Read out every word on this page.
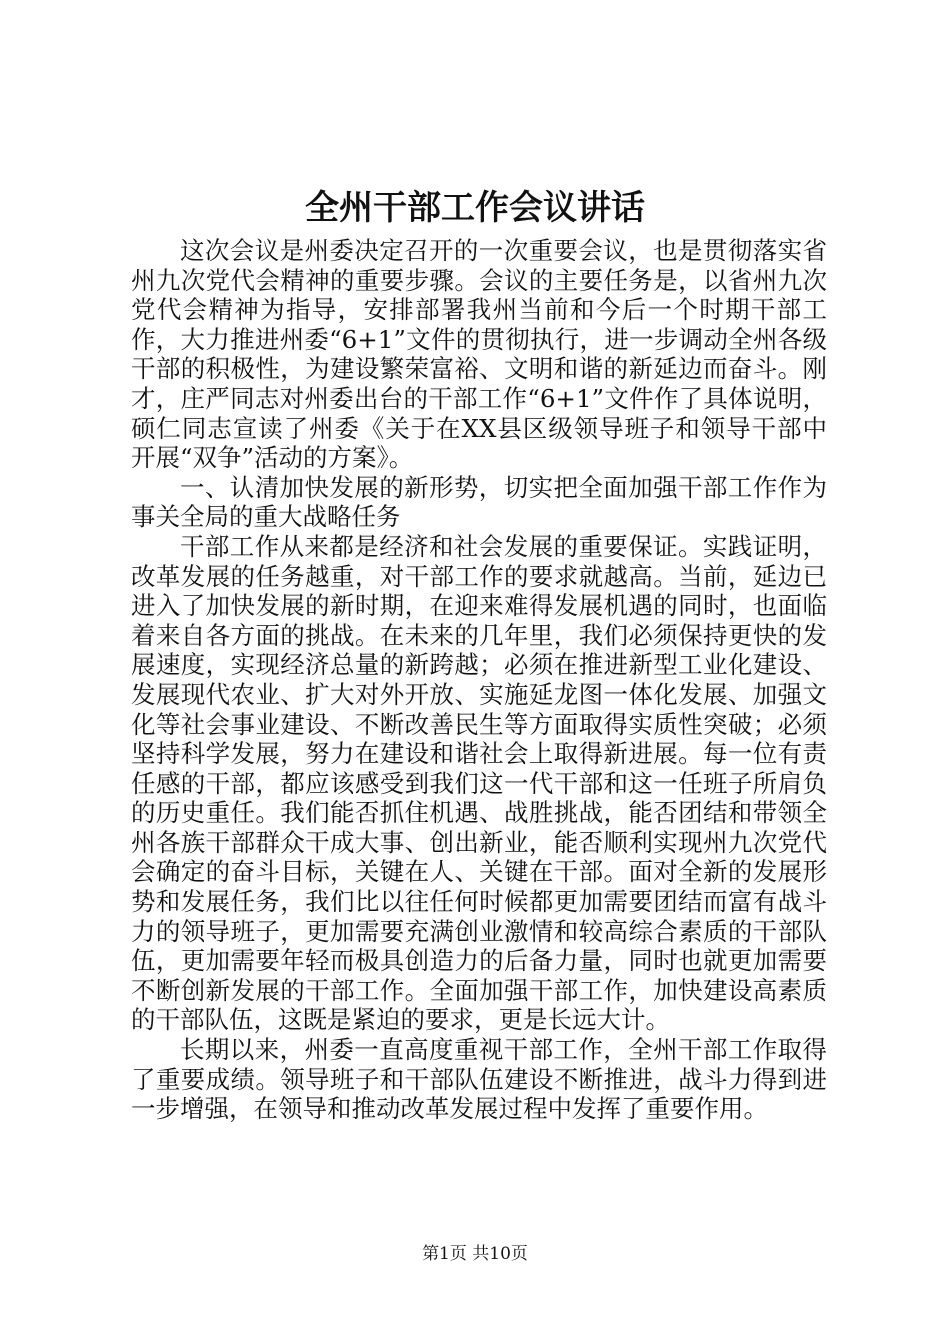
全州干部工作会议讲话

这次会议是州委决定召开的一次重要会议，也是贯彻落实省州九次党代会精神的重要步骤。会议的主要任务是，以省州九次党代会精神为指导，安排部署我州当前和今后一个时期干部工作，大力推进州委“6+1”文件的贯彻执行，进一步调动全州各级干部的积极性，为建设繁荣富裕、文明和谐的新延边而奋斗。刚才，庄严同志对州委出台的干部工作“6+1”文件作了具体说明，硕仁同志宣读了州委《关于在XX县区级领导班子和领导干部中开展“双争”活动的方案》。

一、认清加快发展的新形势，切实把全面加强干部工作作为事关全局的重大战略任务

干部工作从来都是经济和社会发展的重要保证。实践证明，改革发展的任务越重，对干部工作的要求就越高。当前，延边已进入了加快发展的新时期，在迎来难得发展机遇的同时，也面临着来自各方面的挑战。在未来的几年里，我们必须保持更快的发展速度，实现经济总量的新跨越；必须在推进新型工业化建设、发展现代农业、扩大对外开放、实施延龙图一体化发展、加强文化等社会事业建设、不断改善民生等方面取得实质性突破；必须坚持科学发展，努力在建设和谐社会上取得新进展。每一位有责任感的干部，都应该感受到我们这一代干部和这一任班子所肩负的历史重任。我们能否抓住机遇、战胜挑战，能否团结和带领全州各族干部群众干成大事、创出新业，能否顺利实现州九次党代会确定的奋斗目标，关键在人、关键在干部。面对全新的发展形势和发展任务，我们比以往任何时候都更加需要团结而富有战斗力的领导班子，更加需要充满创业激情和较高综合素质的干部队伍，更加需要年轻而极具创造力的后备力量，同时也就更加需要不断创新发展的干部工作。全面加强干部工作，加快建设高素质的干部队伍，这既是紧迫的要求，更是长远大计。

长期以来，州委一直高度重视干部工作，全州干部工作取得了重要成绩。领导班子和干部队伍建设不断推进，战斗力得到进一步增强，在领导和推动改革发展过程中发挥了重要作用。

第1页 共10页
